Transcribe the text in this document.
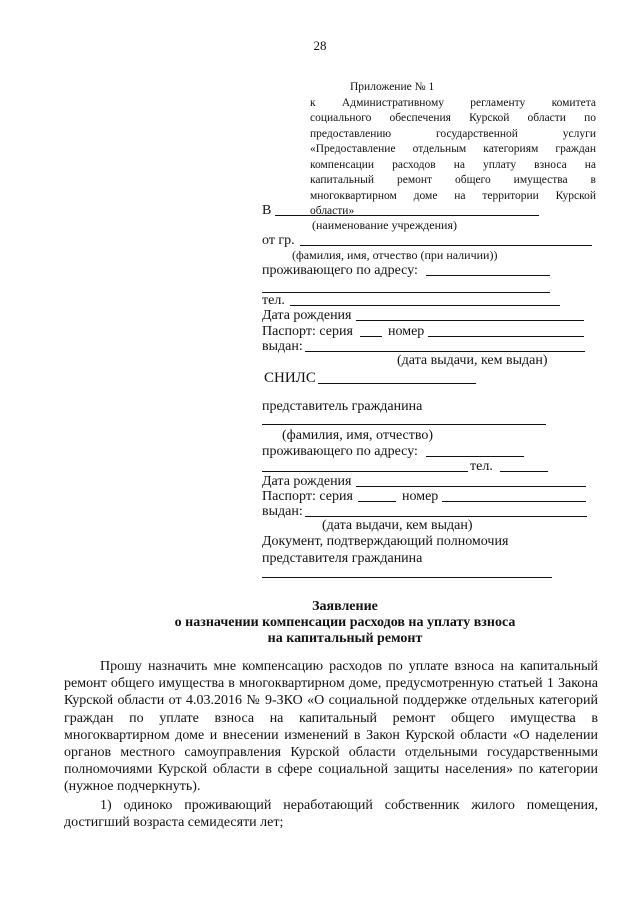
28
Приложение № 1
к Административному регламенту комитета
социального обеспечения Курской области по
предоставлению государственной услуги
«Предоставление отдельным категориям граждан
компенсации расходов на уплату взноса на
капитальный ремонт общего имущества в
многоквартирном доме на территории Курской
области»
В
(наименование учреждения)
от гр.
(фамилия, имя, отчество (при наличии))
проживающего по адресу:
тел.
Дата рождения
Паспорт: серия	номер
выдан:
(дата выдачи, кем выдан)
СНИЛС
представитель гражданина
(фамилия, имя, отчество)
проживающего по адресу:
тел.
Дата рождения
Паспорт: серия	номер
выдан:
(дата выдачи, кем выдан)
Документ, подтверждающий полномочия
представителя гражданина
Заявление
о назначении компенсации расходов на уплату взноса
на капитальный ремонт
Прошу назначить мне компенсацию расходов по уплате взноса на капитальный
ремонт общего имущества в многоквартирном доме, предусмотренную статьей 1 Закона
Курской области от 4.03.2016 № 9-ЗКО «О социальной поддержке отдельных категорий
граждан по уплате взноса на капитальный ремонт общего имущества в
многоквартирном доме и внесении изменений в Закон Курской области «О наделении
органов местного самоуправления Курской области отдельными государственными
полномочиями Курской области в сфере социальной защиты населения» по категории
(нужное подчеркнуть).
1) одиноко проживающий неработающий собственник жилого помещения,
достигший возраста семидесяти лет;
